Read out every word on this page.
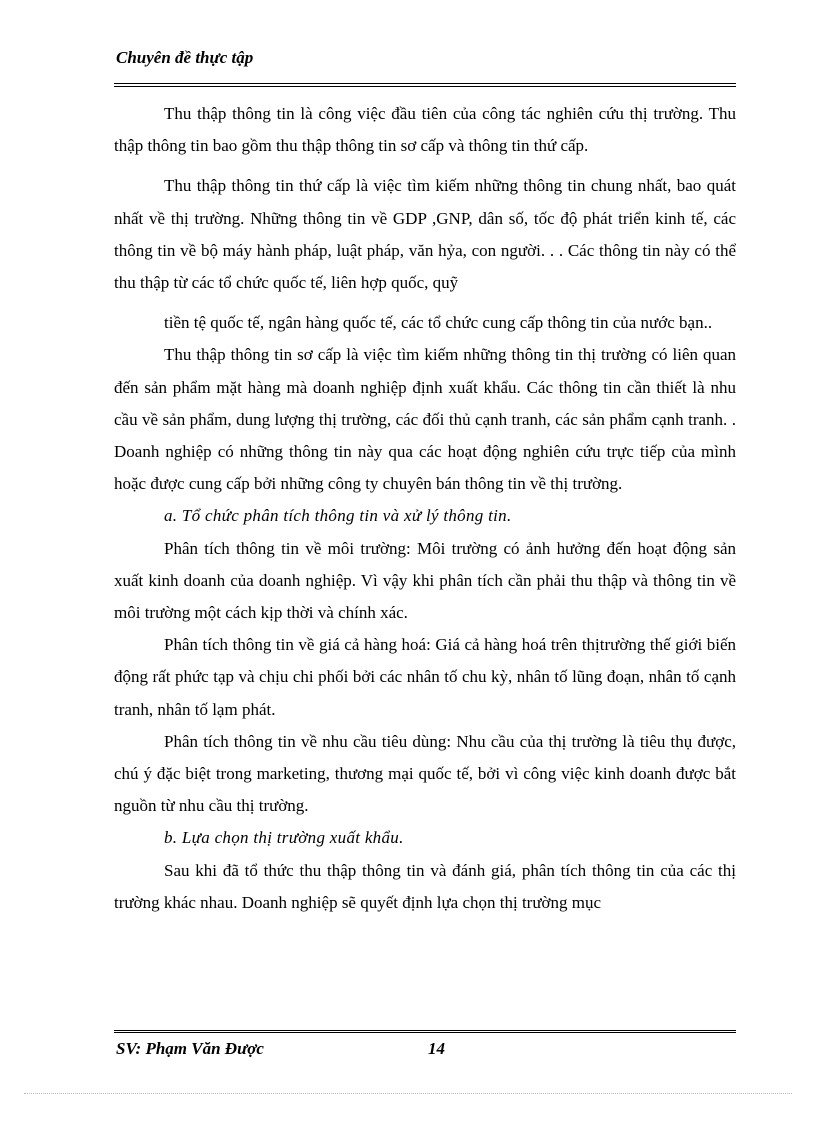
Chuyên đề thực tập

Thu thập thông tin là công việc đầu tiên của công tác nghiên cứu thị trường. Thu thập thông tin bao gồm thu thập thông tin sơ cấp và thông tin thứ cấp.

Thu thập thông tin thứ cấp là việc tìm kiếm những thông tin chung nhất, bao quát nhất về thị trường. Những thông tin về GDP ,GNP, dân số, tốc độ phát triển kinh tế, các thông tin về bộ máy hành pháp, luật pháp, văn hỷa, con người. . . Các thông tin này có thể thu thập từ các tổ chức quốc tế, liên hợp quốc, quỹ

tiền tệ quốc tế, ngân hàng quốc tế, các tổ chức cung cấp thông tin của nước bạn..

Thu thập thông tin sơ cấp là việc tìm kiếm những thông tin thị trường có liên quan đến sản phẩm mặt hàng mà doanh nghiệp định xuất khẩu. Các thông tin cần thiết là nhu cầu về sản phẩm, dung lượng thị trường, các đối thủ cạnh tranh, các sản phẩm cạnh tranh. . Doanh nghiệp có những thông tin này qua các hoạt động nghiên cứu trực tiếp của mình hoặc được cung cấp bởi những công ty chuyên bán thông tin về thị trường.

a. Tổ chức phân tích thông tin và xử lý thông tin.

Phân tích thông tin về môi trường: Môi trường có ảnh hưởng đến hoạt động sản xuất kinh doanh của doanh nghiệp. Vì vậy khi phân tích cần phải thu thập và thông tin về môi trường một cách kịp thời và chính xác.

Phân tích thông tin về giá cả hàng hoá: Giá cả hàng hoá trên thịtrường thế giới biến động rất phức tạp và chịu chi phối bởi các nhân tố chu kỳ, nhân tố lũng đoạn, nhân tố cạnh tranh, nhân tố lạm phát.

Phân tích thông tin về nhu cầu tiêu dùng: Nhu cầu của thị trường là tiêu thụ được, chú ý đặc biệt trong marketing, thương mại quốc tế, bởi vì công việc kinh doanh được bắt nguồn từ nhu cầu thị trường.

b. Lựa chọn thị trường xuất khẩu.

Sau khi đã tổ thức thu thập thông tin và đánh giá, phân tích thông tin của các thị trường khác nhau. Doanh nghiệp sẽ quyết định lựa chọn thị trường mục

SV: Phạm Văn Được	14
